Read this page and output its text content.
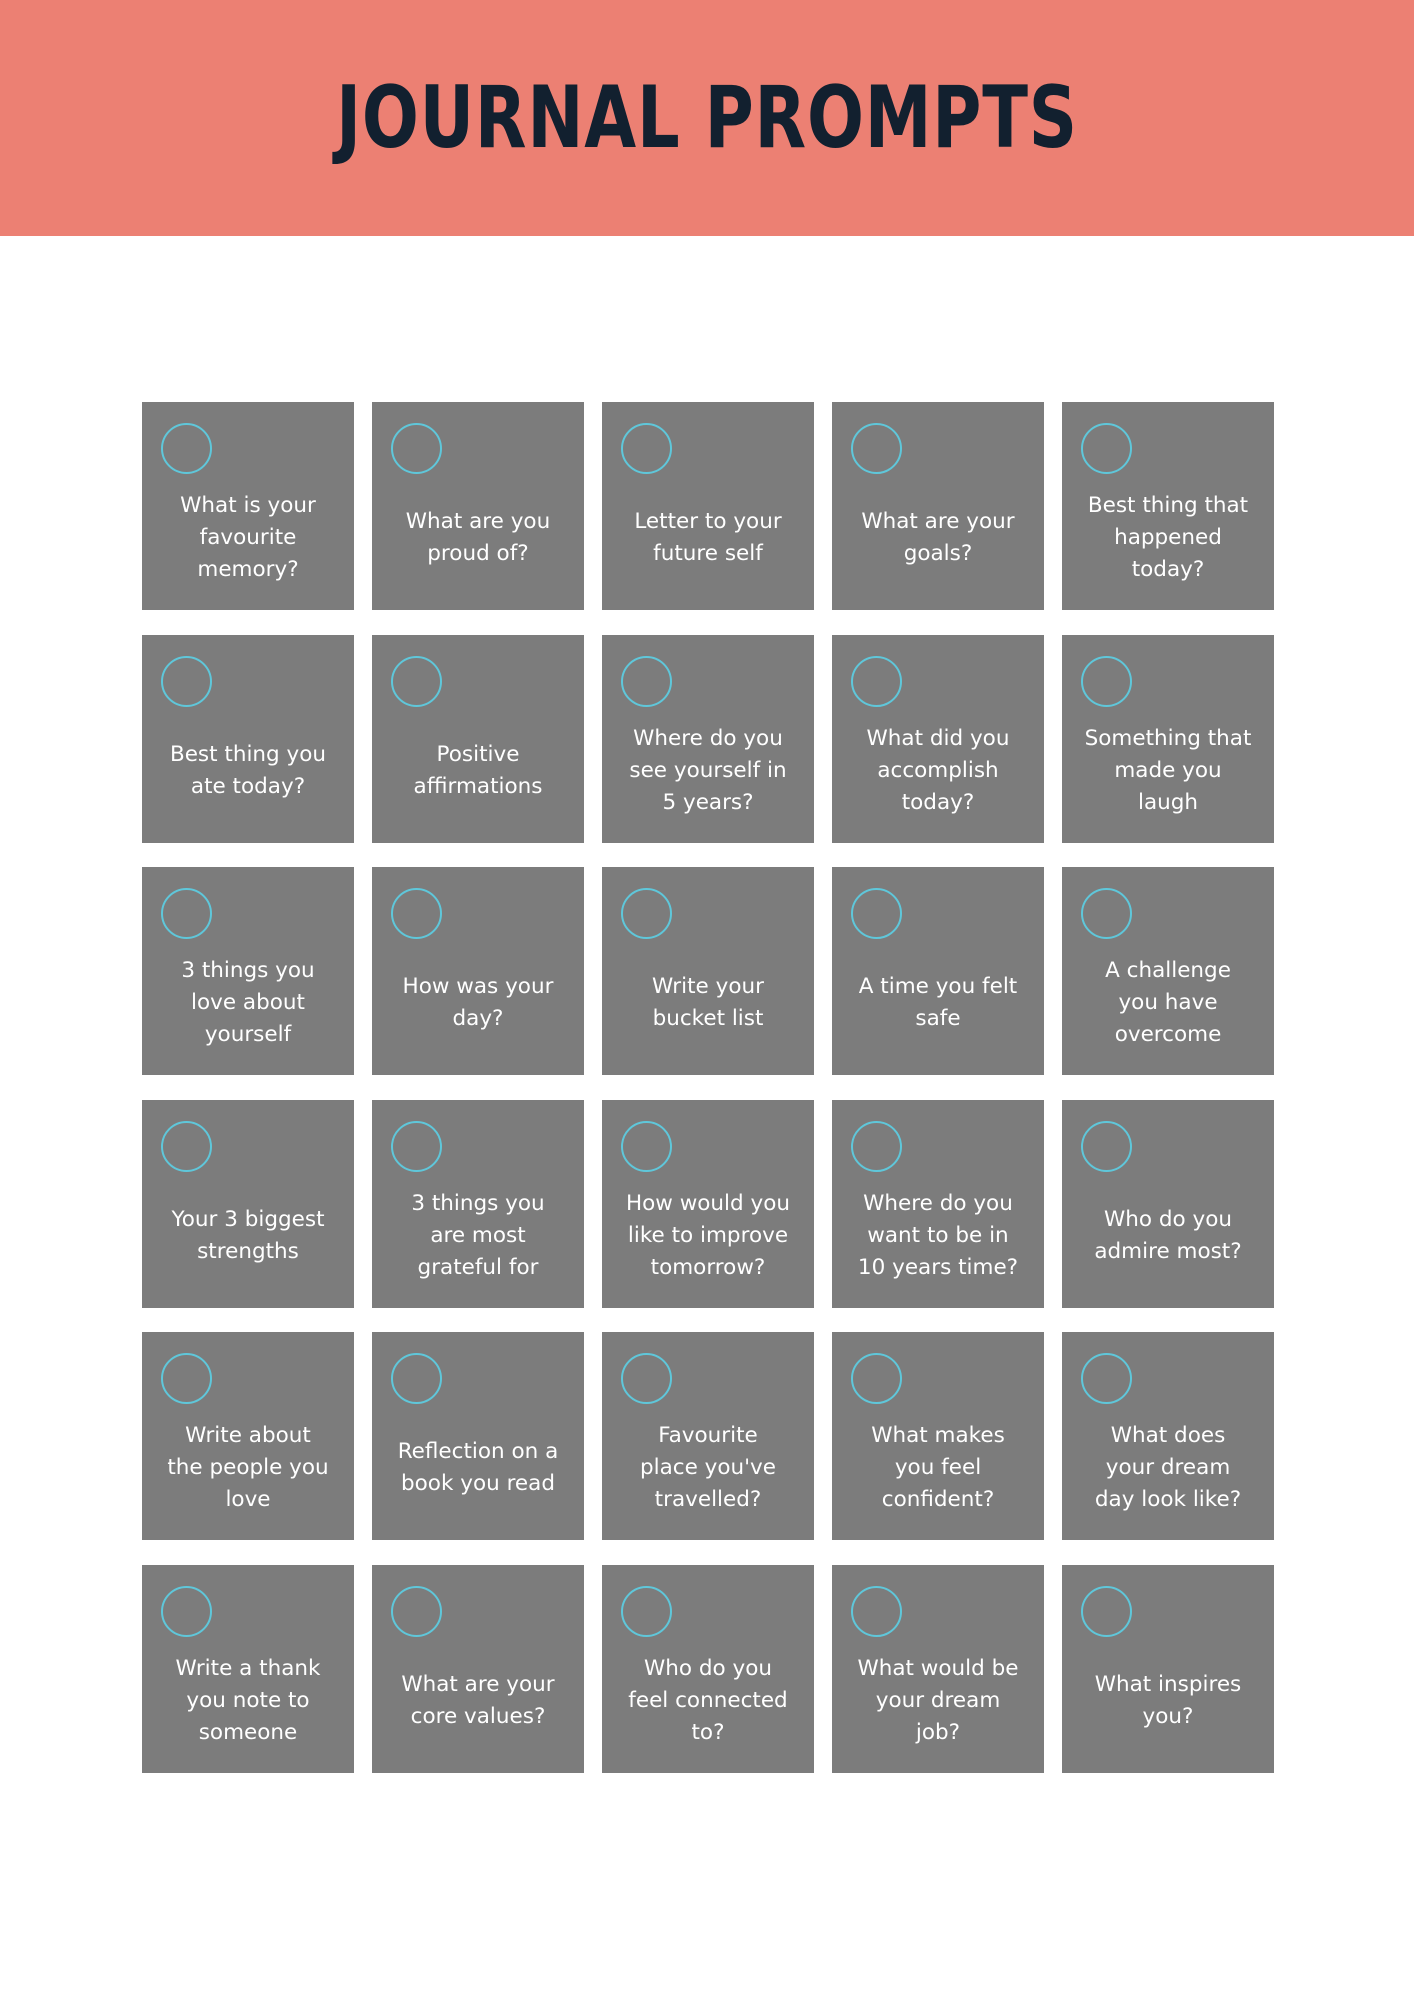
JOURNAL PROMPTS
What is your
favourite
memory?
What are you
proud of?
Letter to your
future self
What are your
goals?
Best thing that
happened
today?
Best thing you
ate today?
Positive
affirmations
Where do you
see yourself in
5 years?
What did you
accomplish
today?
Something that
made you
laugh
3 things you
love about
yourself
How was your
day?
Write your
bucket list
A time you felt
safe
A challenge
you have
overcome
Your 3 biggest
strengths
3 things you
are most
grateful for
How would you
like to improve
tomorrow?
Where do you
want to be in
10 years time?
Who do you
admire most?
Write about
the people you
love
Reflection on a
book you read
Favourite
place you've
travelled?
What makes
you feel
confident?
What does
your dream
day look like?
Write a thank
you note to
someone
What are your
core values?
Who do you
feel connected
to?
What would be
your dream
job?
What inspires
you?
